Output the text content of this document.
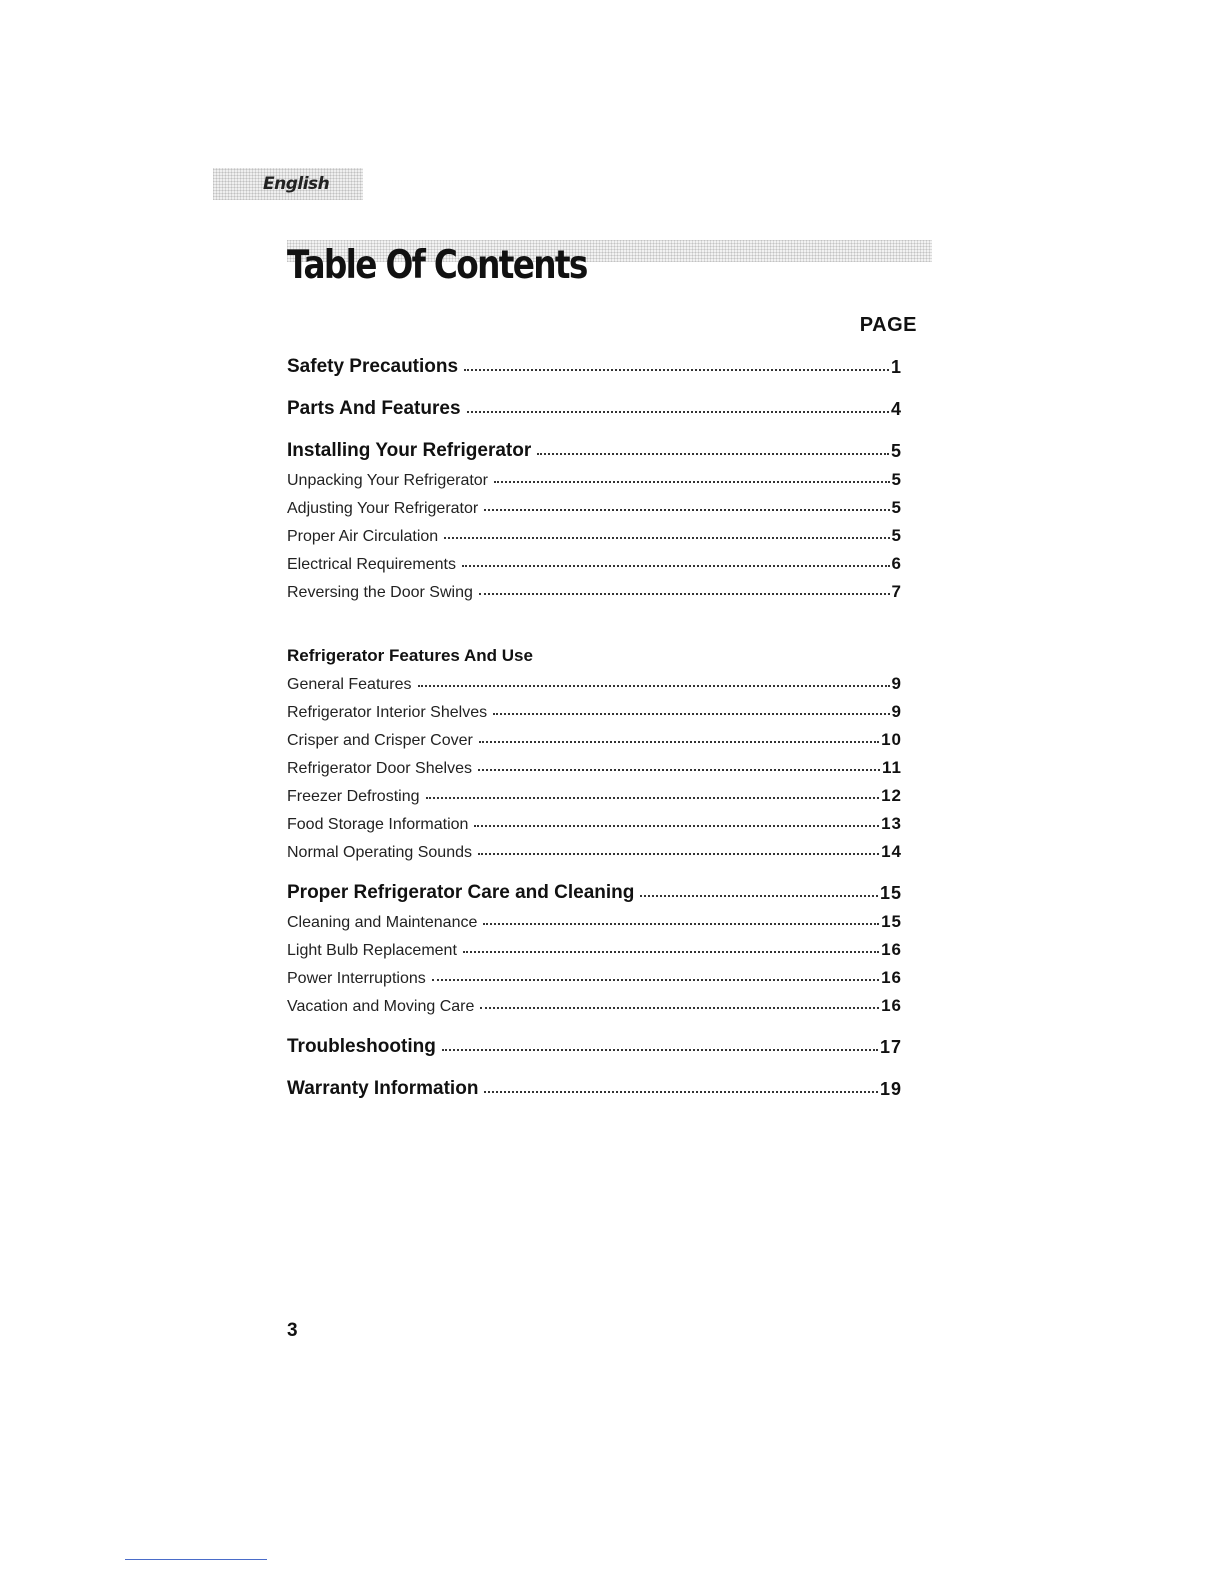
English
Table Of Contents
PAGE
Safety Precautions	1
Parts And Features	4
Installing Your Refrigerator	5
Unpacking Your Refrigerator	5
Adjusting Your Refrigerator	5
Proper Air Circulation	5
Electrical Requirements	6
Reversing the Door Swing	7
Refrigerator Features And Use
General Features	9
Refrigerator Interior Shelves	9
Crisper and Crisper Cover	10
Refrigerator Door Shelves	11
Freezer Defrosting	12
Food Storage Information	13
Normal Operating Sounds	14
Proper Refrigerator Care and Cleaning	15
Cleaning and Maintenance	15
Light Bulb Replacement	16
Power Interruptions	16
Vacation and Moving Care	16
Troubleshooting	17
Warranty Information	19
3
